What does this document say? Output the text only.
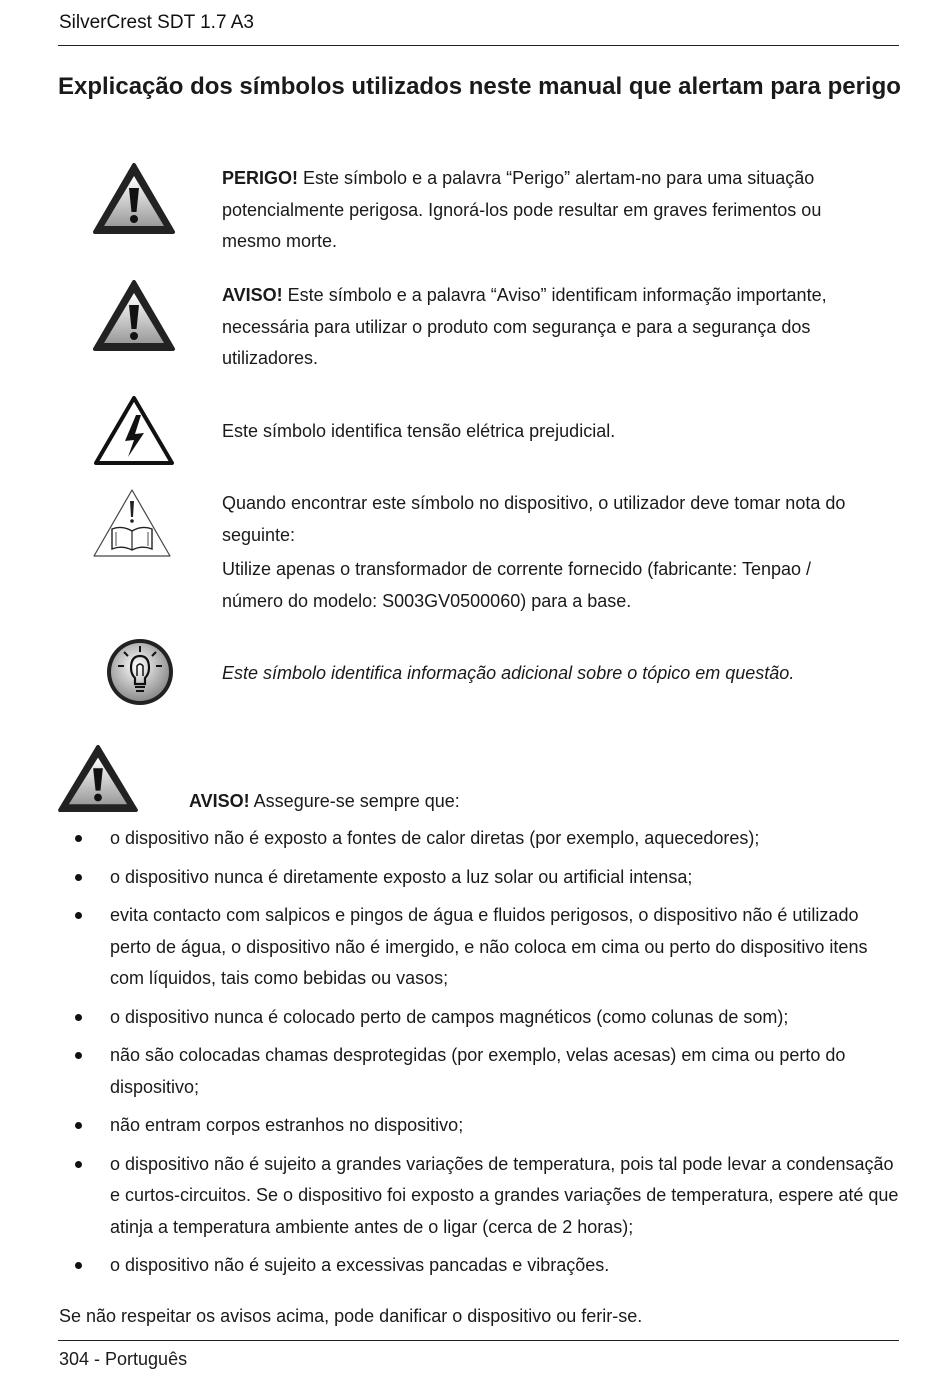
SilverCrest SDT 1.7 A3
Explicação dos símbolos utilizados neste manual que alertam para perigo
PERIGO! Este símbolo e a palavra “Perigo” alertam-no para uma situação potencialmente perigosa. Ignorá-los pode resultar em graves ferimentos ou mesmo morte.
AVISO! Este símbolo e a palavra “Aviso” identificam informação importante, necessária para utilizar o produto com segurança e para a segurança dos utilizadores.
Este símbolo identifica tensão elétrica prejudicial.
Quando encontrar este símbolo no dispositivo, o utilizador deve tomar nota do seguinte:
Utilize apenas o transformador de corrente fornecido (fabricante: Tenpao / número do modelo: S003GV0500060) para a base.
Este símbolo identifica informação adicional sobre o tópico em questão.
AVISO! Assegure-se sempre que:
o dispositivo não é exposto a fontes de calor diretas (por exemplo, aquecedores);
o dispositivo nunca é diretamente exposto a luz solar ou artificial intensa;
evita contacto com salpicos e pingos de água e fluidos perigosos, o dispositivo não é utilizado perto de água, o dispositivo não é imergido, e não coloca em cima ou perto do dispositivo itens com líquidos, tais como bebidas ou vasos;
o dispositivo nunca é colocado perto de campos magnéticos (como colunas de som);
não são colocadas chamas desprotegidas (por exemplo, velas acesas) em cima ou perto do dispositivo;
não entram corpos estranhos no dispositivo;
o dispositivo não é sujeito a grandes variações de temperatura, pois tal pode levar a condensação e curtos-circuitos. Se o dispositivo foi exposto a grandes variações de temperatura, espere até que atinja a temperatura ambiente antes de o ligar (cerca de 2 horas);
o dispositivo não é sujeito a excessivas pancadas e vibrações.
Se não respeitar os avisos acima, pode danificar o dispositivo ou ferir-se.
304 - Português
